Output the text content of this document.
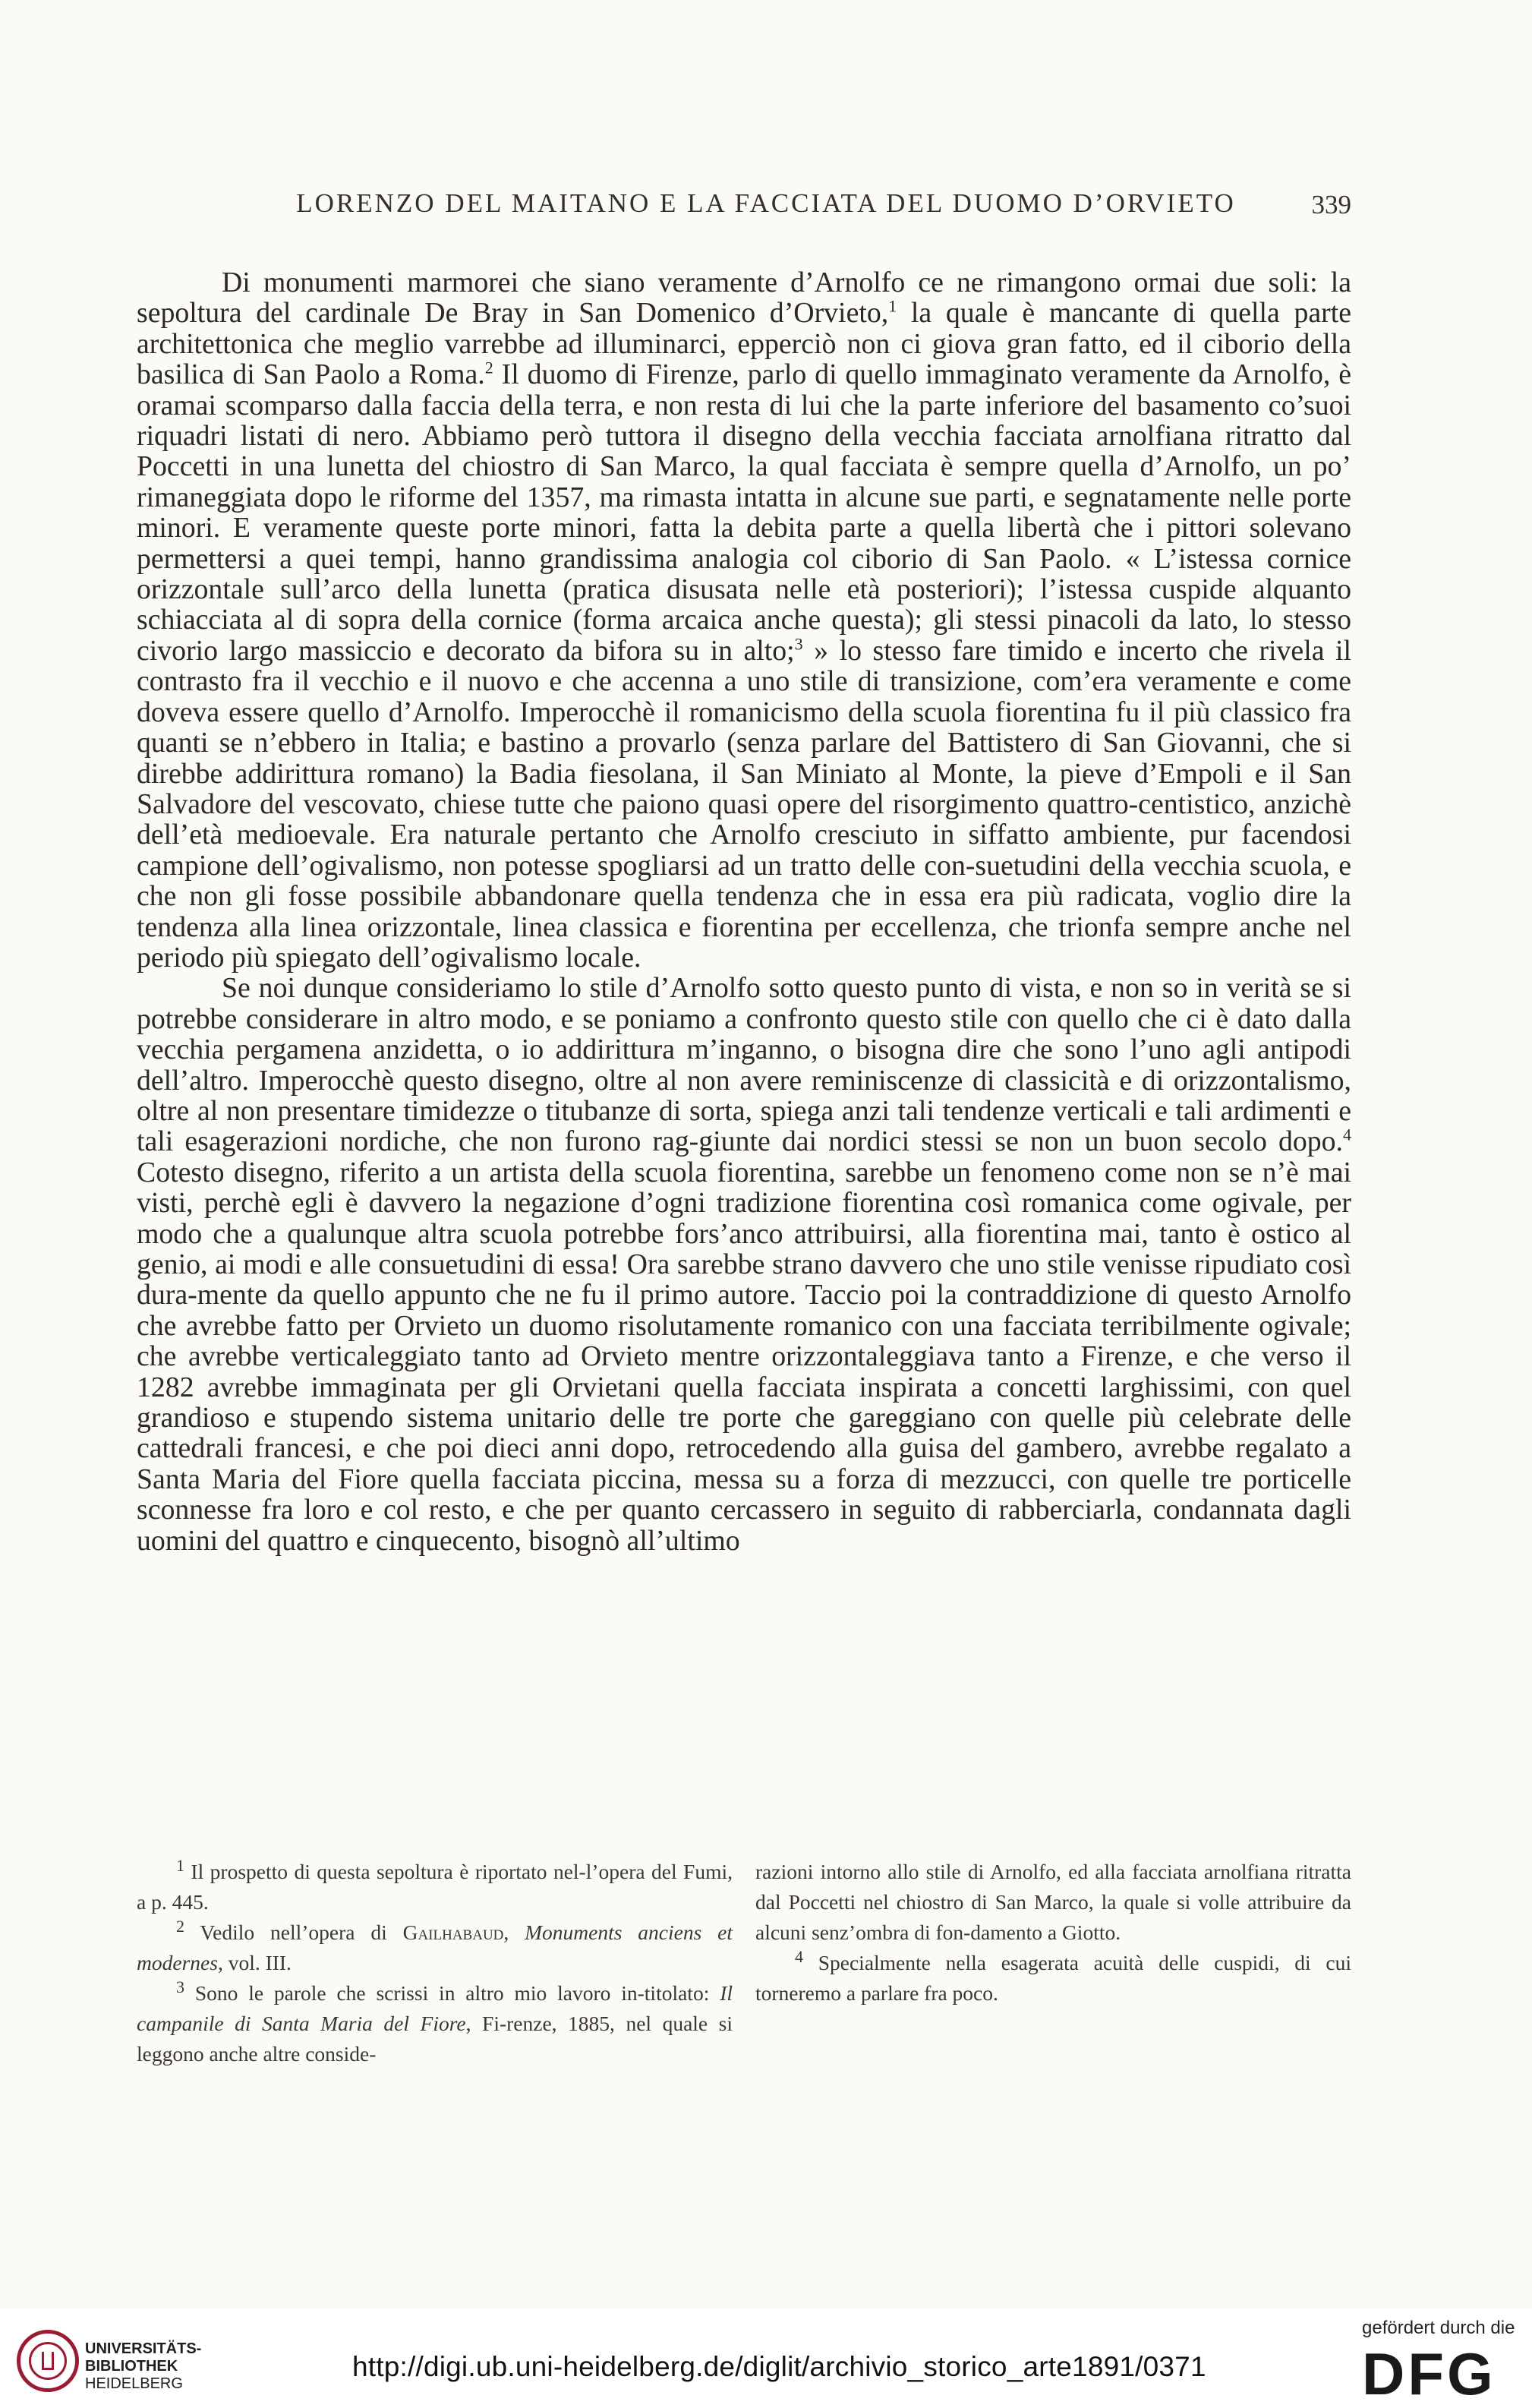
LORENZO DEL MAITANO E LA FACCIATA DEL DUOMO D’ORVIETO	339

Di monumenti marmorei che siano veramente d’Arnolfo ce ne rimangono ormai due soli: la sepoltura del cardinale De Bray in San Domenico d’Orvieto,$^1$ la quale è mancante di quella parte architettonica che meglio varrebbe ad illuminarci, epperciò non ci giova gran fatto, ed il ciborio della basilica di San Paolo a Roma.$^2$ Il duomo di Firenze, parlo di quello immaginato veramente da Arnolfo, è oramai scomparso dalla faccia della terra, e non resta di lui che la parte inferiore del basamento co’suoi riquadri listati di nero. Abbiamo però tuttora il disegno della vecchia facciata arnolfiana ritratto dal Poccetti in una lunetta del chiostro di San Marco, la qual facciata è sempre quella d’Arnolfo, un po’ rimaneggiata dopo le riforme del 1357, ma rimasta intatta in alcune sue parti, e segnatamente nelle porte minori. E veramente queste porte minori, fatta la debita parte a quella libertà che i pittori solevano permettersi a quei tempi, hanno grandissima analogia col ciborio di San Paolo. « L’istessa cornice orizzontale sull’arco della lunetta (pratica disusata nelle età posteriori); l’istessa cuspide alquanto schiacciata al di sopra della cornice (forma arcaica anche questa); gli stessi pinacoli da lato, lo stesso civorio largo massiccio e decorato da bifora su in alto;$^3$ » lo stesso fare timido e incerto che rivela il contrasto fra il vecchio e il nuovo e che accenna a uno stile di transizione, com’era veramente e come doveva essere quello d’Arnolfo. Imperocchè il romanicismo della scuola fiorentina fu il più classico fra quanti se n’ebbero in Italia; e bastino a provarlo (senza parlare del Battistero di San Giovanni, che si direbbe addirittura romano) la Badia fiesolana, il San Miniato al Monte, la pieve d’Empoli e il San Salvadore del vescovato, chiese tutte che paiono quasi opere del risorgimento quattro-centistico, anzichè dell’età medioevale. Era naturale pertanto che Arnolfo cresciuto in siffatto ambiente, pur facendosi campione dell’ogivalismo, non potesse spogliarsi ad un tratto delle con-suetudini della vecchia scuola, e che non gli fosse possibile abbandonare quella tendenza che in essa era più radicata, voglio dire la tendenza alla linea orizzontale, linea classica e fiorentina per eccellenza, che trionfa sempre anche nel periodo più spiegato dell’ogivalismo locale.

Se noi dunque consideriamo lo stile d’Arnolfo sotto questo punto di vista, e non so in verità se si potrebbe considerare in altro modo, e se poniamo a confronto questo stile con quello che ci è dato dalla vecchia pergamena anzidetta, o io addirittura m’inganno, o bisogna dire che sono l’uno agli antipodi dell’altro. Imperocchè questo disegno, oltre al non avere reminiscenze di classicità e di orizzontalismo, oltre al non presentare timidezze o titubanze di sorta, spiega anzi tali tendenze verticali e tali ardimenti e tali esagerazioni nordiche, che non furono rag-giunte dai nordici stessi se non un buon secolo dopo.$^4$ Cotesto disegno, riferito a un artista della scuola fiorentina, sarebbe un fenomeno come non se n’è mai visti, perchè egli è davvero la negazione d’ogni tradizione fiorentina così romanica come ogivale, per modo che a qualunque altra scuola potrebbe fors’anco attribuirsi, alla fiorentina mai, tanto è ostico al genio, ai modi e alle consuetudini di essa! Ora sarebbe strano davvero che uno stile venisse ripudiato così dura-mente da quello appunto che ne fu il primo autore. Taccio poi la contraddizione di questo Arnolfo che avrebbe fatto per Orvieto un duomo risolutamente romanico con una facciata terribilmente ogivale; che avrebbe verticaleggiato tanto ad Orvieto mentre orizzontaleggiava tanto a Firenze, e che verso il 1282 avrebbe immaginata per gli Orvietani quella facciata inspirata a concetti larghissimi, con quel grandioso e stupendo sistema unitario delle tre porte che gareggiano con quelle più celebrate delle cattedrali francesi, e che poi dieci anni dopo, retrocedendo alla guisa del gambero, avrebbe regalato a Santa Maria del Fiore quella facciata piccina, messa su a forza di mezzucci, con quelle tre porticelle sconnesse fra loro e col resto, e che per quanto cercassero in seguito di rabberciarla, condannata dagli uomini del quattro e cinquecento, bisognò all’ultimo

$^1$ Il prospetto di questa sepoltura è riportato nel-l’opera del Fumi, a p. 445.

$^2$ Vedilo nell’opera di Gailhabaud, Monuments anciens et modernes, vol. III.

$^3$ Sono le parole che scrissi in altro mio lavoro in-titolato: Il campanile di Santa Maria del Fiore, Fi-renze, 1885, nel quale si leggono anche altre conside-

razioni intorno allo stile di Arnolfo, ed alla facciata arnolfiana ritratta dal Poccetti nel chiostro di San Marco, la quale si volle attribuire da alcuni senz’ombra di fon-damento a Giotto.

$^4$ Specialmente nella esagerata acuità delle cuspidi, di cui torneremo a parlare fra poco.

UNIVERSITÄTS-
BIBLIOTHEK
HEIDELBERG
http://digi.ub.uni-heidelberg.de/diglit/archivio_storico_arte1891/0371
gefördert durch die
DFG
